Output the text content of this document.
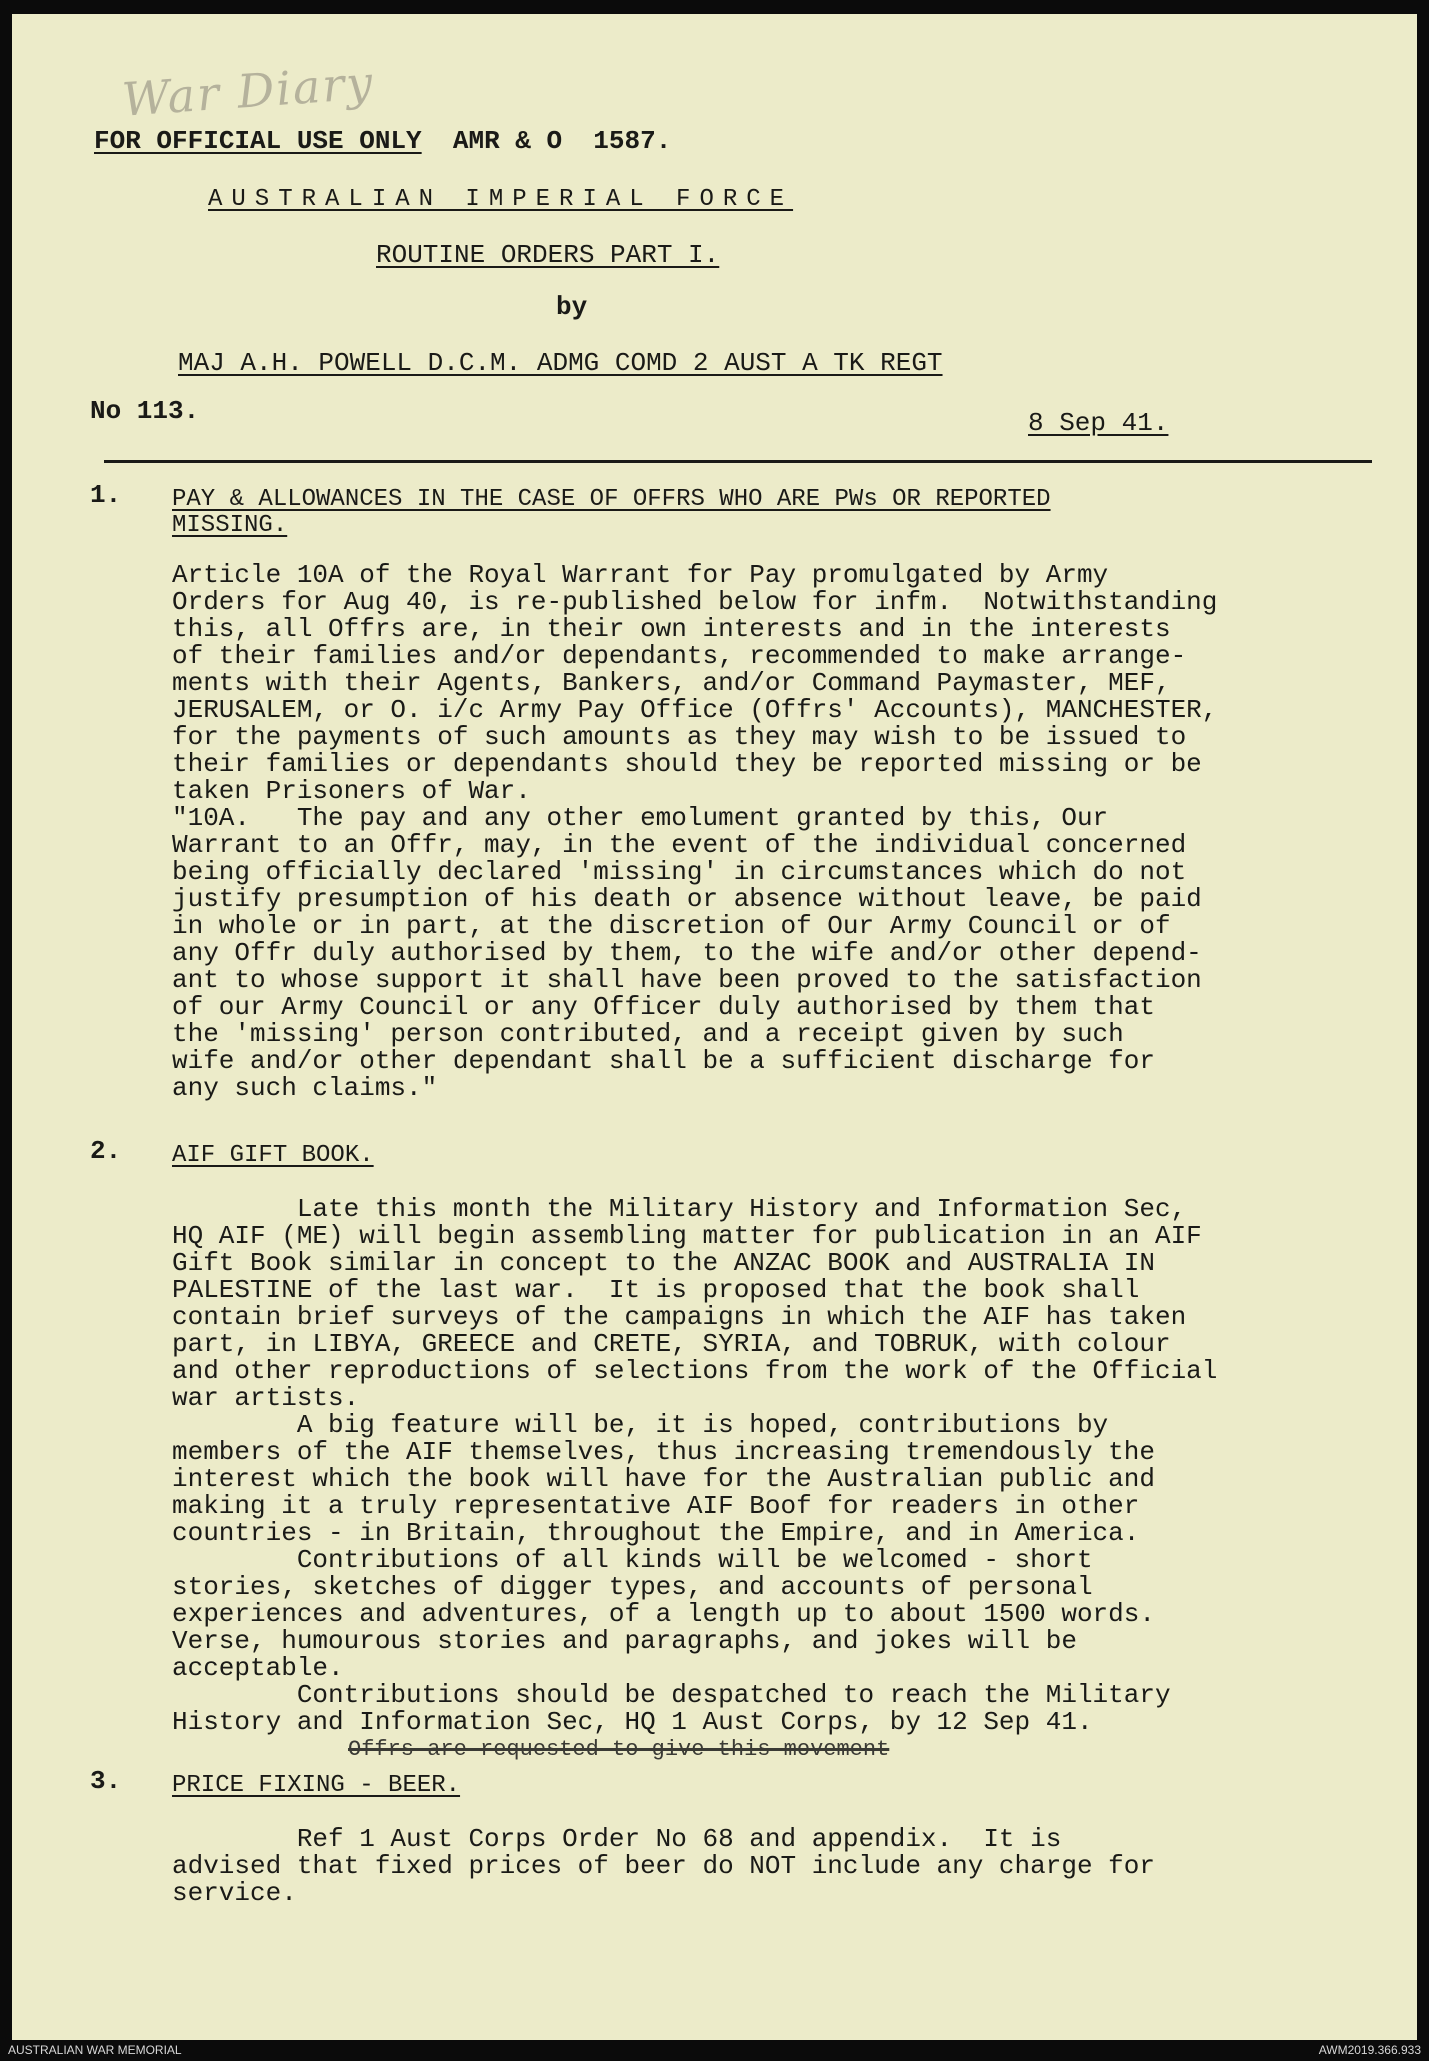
War Diary
FOR OFFICIAL USE ONLY AMR & O  1587.
AUSTRALIAN IMPERIAL FORCE
ROUTINE ORDERS PART I.
by
MAJ A.H. POWELL D.C.M. ADMG COMD 2 AUST A TK REGT
No 113.	8 Sep 41.
1. PAY & ALLOWANCES IN THE CASE OF OFFRS WHO ARE PWs OR REPORTED
MISSING.
Article 10A of the Royal Warrant for Pay promulgated by Army
Orders for Aug 40, is re-published below for infm.  Notwithstanding
this, all Offrs are, in their own interests and in the interests
of their families and/or dependants, recommended to make arrange-
ments with their Agents, Bankers, and/or Command Paymaster, MEF,
JERUSALEM, or O. i/c Army Pay Office (Offrs' Accounts), MANCHESTER,
for the payments of such amounts as they may wish to be issued to
their families or dependants should they be reported missing or be
taken Prisoners of War.
"10A.   The pay and any other emolument granted by this, Our
Warrant to an Offr, may, in the event of the individual concerned
being officially declared 'missing' in circumstances which do not
justify presumption of his death or absence without leave, be paid
in whole or in part, at the discretion of Our Army Council or of
any Offr duly authorised by them, to the wife and/or other depend-
ant to whose support it shall have been proved to the satisfaction
of our Army Council or any Officer duly authorised by them that
the 'missing' person contributed, and a receipt given by such
wife and/or other dependant shall be a sufficient discharge for
any such claims."
2. AIF GIFT BOOK.
Late this month the Military History and Information Sec,
HQ AIF (ME) will begin assembling matter for publication in an AIF
Gift Book similar in concept to the ANZAC BOOK and AUSTRALIA IN
PALESTINE of the last war.  It is proposed that the book shall
contain brief surveys of the campaigns in which the AIF has taken
part, in LIBYA, GREECE and CRETE, SYRIA, and TOBRUK, with colour
and other reproductions of selections from the work of the Official
war artists.
A big feature will be, it is hoped, contributions by
members of the AIF themselves, thus increasing tremendously the
interest which the book will have for the Australian public and
making it a truly representative AIF Boof for readers in other
countries - in Britain, throughout the Empire, and in America.
Contributions of all kinds will be welcomed - short
stories, sketches of digger types, and accounts of personal
experiences and adventures, of a length up to about 1500 words.
Verse, humourous stories and paragraphs, and jokes will be
acceptable.
Contributions should be despatched to reach the Military
History and Information Sec, HQ 1 Aust Corps, by 12 Sep 41.
Offrs are requested to give this movement
3. PRICE FIXING - BEER.
Ref 1 Aust Corps Order No 68 and appendix.  It is
advised that fixed prices of beer do NOT include any charge for
service.
AUSTRALIAN WAR MEMORIAL	AWM2019.366.933
